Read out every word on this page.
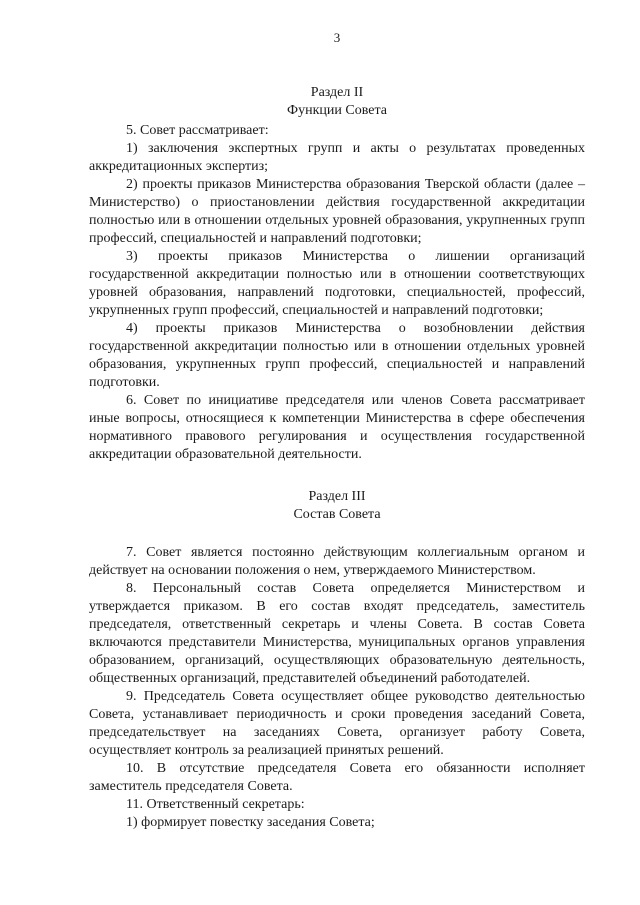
3
Раздел II
Функции Совета

5. Совет рассматривает:

1) заключения экспертных групп и акты о результатах проведенных аккредитационных экспертиз;

2) проекты приказов Министерства образования Тверской области (далее – Министерство) о приостановлении действия государственной аккредитации полностью или в отношении отдельных уровней образования, укрупненных групп профессий, специальностей и направлений подготовки;

3) проекты приказов Министерства о лишении организаций государственной аккредитации полностью или в отношении соответствующих уровней образования, направлений подготовки, специальностей, профессий, укрупненных групп профессий, специальностей и направлений подготовки;

4) проекты приказов Министерства о возобновлении действия государственной аккредитации полностью или в отношении отдельных уровней образования, укрупненных групп профессий, специальностей и направлений подготовки.

6. Совет по инициативе председателя или членов Совета рассматривает иные вопросы, относящиеся к компетенции Министерства в сфере обеспечения нормативного правового регулирования и осуществления государственной аккредитации образовательной деятельности.

Раздел III
Состав Совета

7. Совет является постоянно действующим коллегиальным органом и действует на основании положения о нем, утверждаемого Министерством.

8. Персональный состав Совета определяется Министерством и утверждается приказом. В его состав входят председатель, заместитель председателя, ответственный секретарь и члены Совета. В состав Совета включаются представители Министерства, муниципальных органов управления образованием, организаций, осуществляющих образовательную деятельность, общественных организаций, представителей объединений работодателей.

9. Председатель Совета осуществляет общее руководство деятельностью Совета, устанавливает периодичность и сроки проведения заседаний Совета, председательствует на заседаниях Совета, организует работу Совета, осуществляет контроль за реализацией принятых решений.

10. В отсутствие председателя Совета его обязанности исполняет заместитель председателя Совета.

11. Ответственный секретарь:

1) формирует повестку заседания Совета;
